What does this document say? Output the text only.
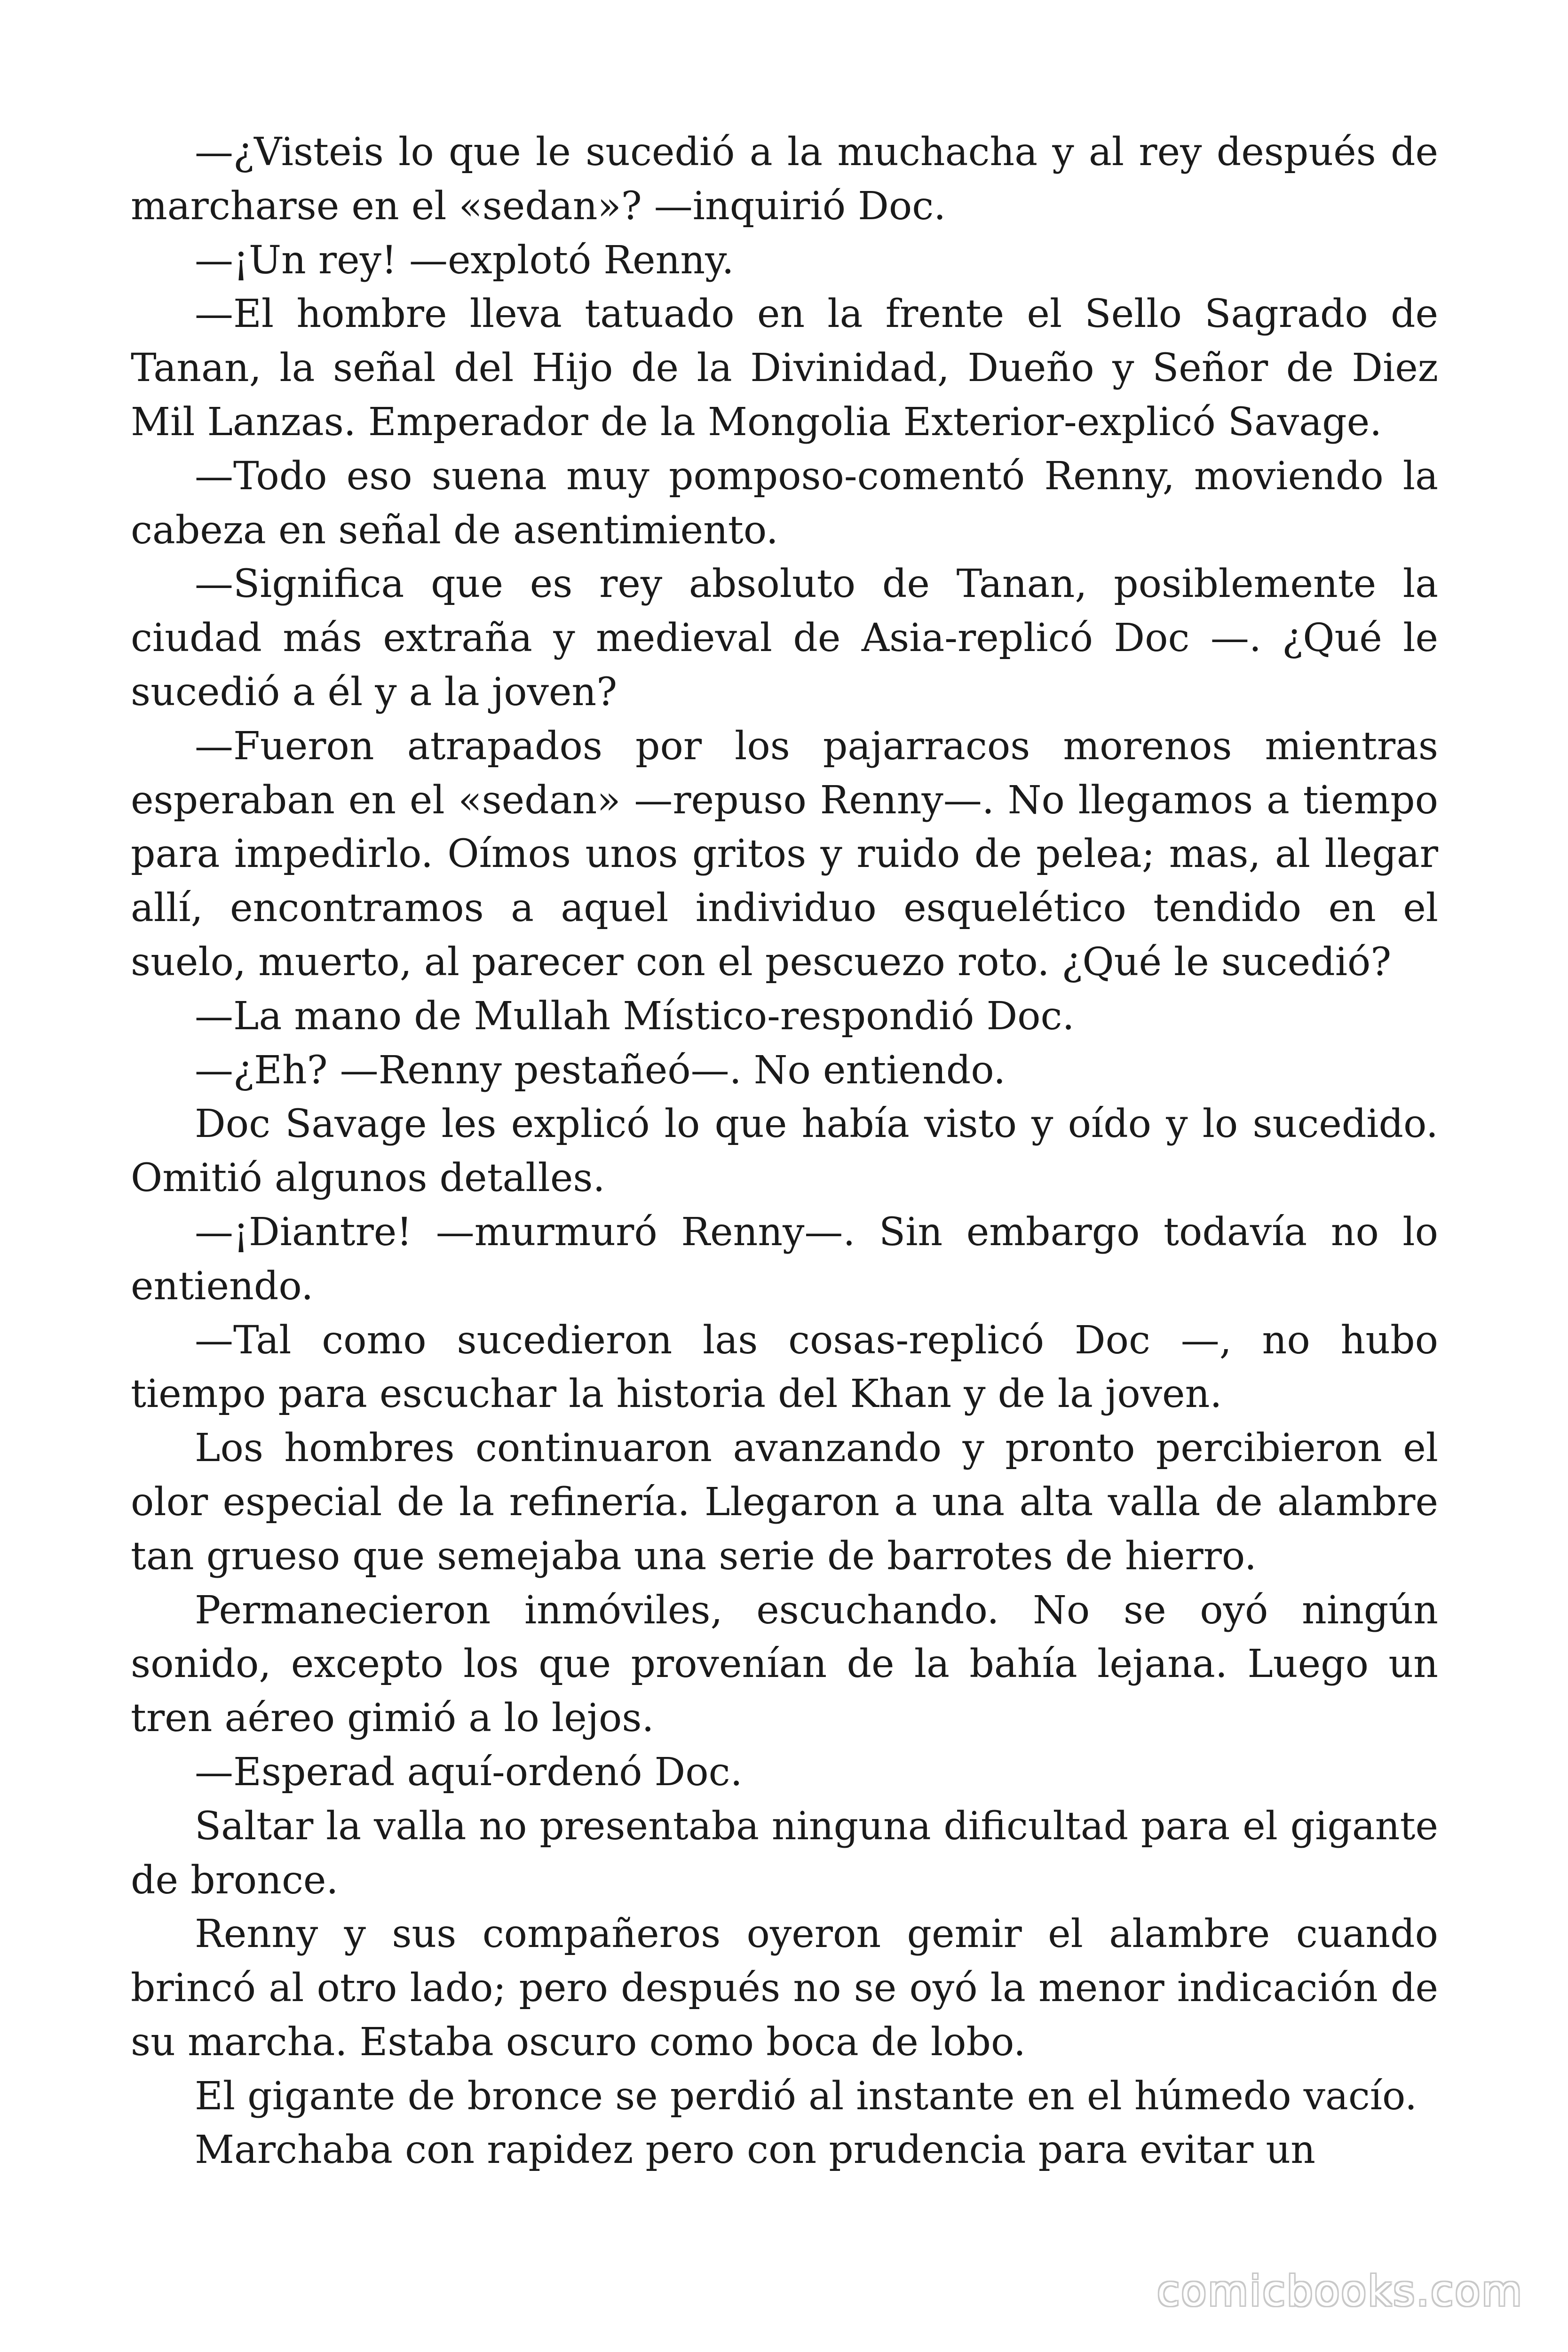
—¿Visteis lo que le sucedió a la muchacha y al rey después de marcharse en el «sedan»? —inquirió Doc.

—¡Un rey! —explotó Renny.

—El hombre lleva tatuado en la frente el Sello Sagrado de Tanan, la señal del Hijo de la Divinidad, Dueño y Señor de Diez Mil Lanzas. Emperador de la Mongolia Exterior-explicó Savage.

—Todo eso suena muy pomposo-comentó Renny, moviendo la cabeza en señal de asentimiento.

—Significa que es rey absoluto de Tanan, posiblemente la ciudad más extraña y medieval de Asia-replicó Doc —. ¿Qué le sucedió a él y a la joven?

—Fueron atrapados por los pajarracos morenos mientras esperaban en el «sedan» —repuso Renny—. No llegamos a tiempo para impedirlo. Oímos unos gritos y ruido de pelea; mas, al llegar allí, encontramos a aquel individuo esquelético tendido en el suelo, muerto, al parecer con el pescuezo roto. ¿Qué le sucedió?

—La mano de Mullah Místico-respondió Doc.

—¿Eh? —Renny pestañeó—. No entiendo.

Doc Savage les explicó lo que había visto y oído y lo sucedido. Omitió algunos detalles.

—¡Diantre! —murmuró Renny—. Sin embargo todavía no lo entiendo.

—Tal como sucedieron las cosas-replicó Doc —, no hubo tiempo para escuchar la historia del Khan y de la joven.

Los hombres continuaron avanzando y pronto percibieron el olor especial de la refinería. Llegaron a una alta valla de alambre tan grueso que semejaba una serie de barrotes de hierro.

Permanecieron inmóviles, escuchando. No se oyó ningún sonido, excepto los que provenían de la bahía lejana. Luego un tren aéreo gimió a lo lejos.

—Esperad aquí-ordenó Doc.

Saltar la valla no presentaba ninguna dificultad para el gigante de bronce.

Renny y sus compañeros oyeron gemir el alambre cuando brincó al otro lado; pero después no se oyó la menor indicación de su marcha. Estaba oscuro como boca de lobo.

El gigante de bronce se perdió al instante en el húmedo vacío.

Marchaba con rapidez pero con prudencia para evitar un

comicbooks.com
